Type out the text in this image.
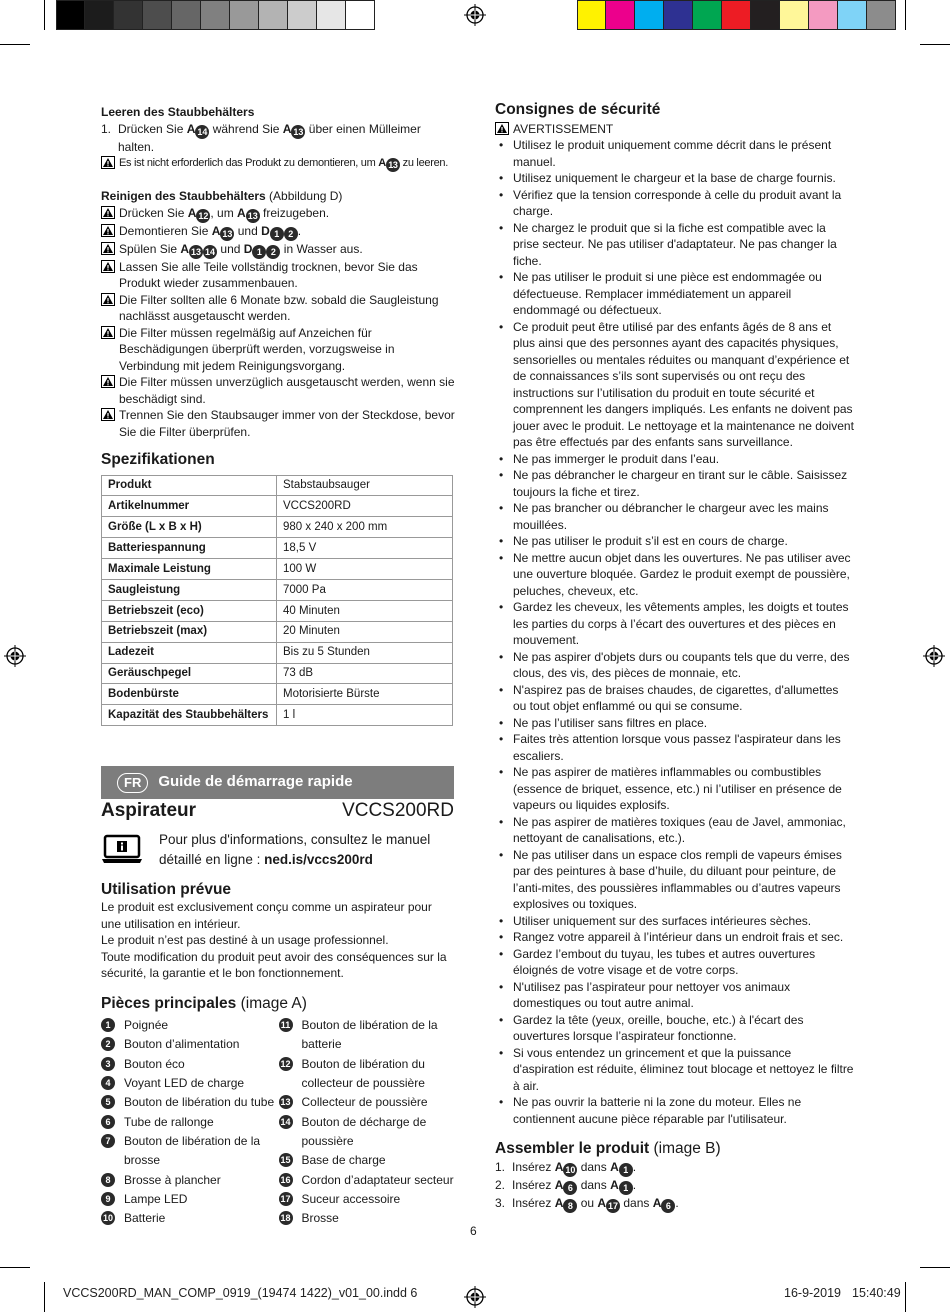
Leeren des Staubbehälters
1. Drücken Sie A 14 während Sie A 13 über einen Mülleimer halten.
Es ist nicht erforderlich das Produkt zu demontieren, um A 13 zu leeren.
Reinigen des Staubbehälters (Abbildung D)
Drücken Sie A 12 , um A 13 freizugeben.
Demontieren Sie A 13 und D 1 2 .
Spülen Sie A 13 14 und D 1 2 in Wasser aus.
Lassen Sie alle Teile vollständig trocknen, bevor Sie das Produkt wieder zusammenbauen.
Die Filter sollten alle 6 Monate bzw. sobald die Saugleistung nachlässt ausgetauscht werden.
Die Filter müssen regelmäßig auf Anzeichen für Beschädigungen überprüft werden, vorzugsweise in Verbindung mit jedem Reinigungsvorgang.
Die Filter müssen unverzüglich ausgetauscht werden, wenn sie beschädigt sind.
Trennen Sie den Staubsauger immer von der Steckdose, bevor Sie die Filter überprüfen.
Spezifikationen
Produkt	Stabstaubsauger
Artikelnummer	VCCS200RD
Größe (L x B x H)	980 x 240 x 200 mm
Batteriespannung	18,5 V
Maximale Leistung	100 W
Saugleistung	7000 Pa
Betriebszeit (eco)	40 Minuten
Betriebszeit (max)	20 Minuten
Ladezeit	Bis zu 5 Stunden
Geräuschpegel	73 dB
Bodenbürste	Motorisierte Bürste
Kapazität des Staubbehälters	1 l
FR	Guide de démarrage rapide
Aspirateur	VCCS200RD
Pour plus d'informations, consultez le manuel
détaillé en ligne : ned.is/vccs200rd
Utilisation prévue
Le produit est exclusivement conçu comme un aspirateur pour une utilisation en intérieur.
Le produit n’est pas destiné à un usage professionnel.
Toute modification du produit peut avoir des conséquences sur la sécurité, la garantie et le bon fonctionnement.
Pièces principales (image A)
1	Poignée
2	Bouton d’alimentation
3	Bouton éco
4	Voyant LED de charge
5	Bouton de libération du tube
6	Tube de rallonge
7	Bouton de libération de la brosse
8	Brosse à plancher
9	Lampe LED
10 Batterie
11 Bouton de libération de la batterie
12 Bouton de libération du collecteur de poussière
13 Collecteur de poussière
14 Bouton de décharge de poussière
15 Base de charge
16 Cordon d’adaptateur secteur
17 Suceur accessoire
18 Brosse
Consignes de sécurité
AVERTISSEMENT
• Utilisez le produit uniquement comme décrit dans le présent manuel.
• Utilisez uniquement le chargeur et la base de charge fournis.
• Vérifiez que la tension corresponde à celle du produit avant la charge.
• Ne chargez le produit que si la fiche est compatible avec la prise secteur. Ne pas utiliser d'adaptateur. Ne pas changer la fiche.
• Ne pas utiliser le produit si une pièce est endommagée ou défectueuse. Remplacer immédiatement un appareil endommagé ou défectueux.
• Ce produit peut être utilisé par des enfants âgés de 8 ans et plus ainsi que des personnes ayant des capacités physiques, sensorielles ou mentales réduites ou manquant d’expérience et de connaissances s’ils sont supervisés ou ont reçu des instructions sur l’utilisation du produit en toute sécurité et comprennent les dangers impliqués. Les enfants ne doivent pas jouer avec le produit. Le nettoyage et la maintenance ne doivent pas être effectués par des enfants sans surveillance.
• Ne pas immerger le produit dans l’eau.
• Ne pas débrancher le chargeur en tirant sur le câble. Saisissez toujours la fiche et tirez.
• Ne pas brancher ou débrancher le chargeur avec les mains mouillées.
• Ne pas utiliser le produit s’il est en cours de charge.
• Ne mettre aucun objet dans les ouvertures. Ne pas utiliser avec une ouverture bloquée. Gardez le produit exempt de poussière, peluches, cheveux, etc.
• Gardez les cheveux, les vêtements amples, les doigts et toutes les parties du corps à l’écart des ouvertures et des pièces en mouvement.
• Ne pas aspirer d'objets durs ou coupants tels que du verre, des clous, des vis, des pièces de monnaie, etc.
• N'aspirez pas de braises chaudes, de cigarettes, d'allumettes ou tout objet enflammé ou qui se consume.
• Ne pas l’utiliser sans filtres en place.
• Faites très attention lorsque vous passez l'aspirateur dans les escaliers.
• Ne pas aspirer de matières inflammables ou combustibles (essence de briquet, essence, etc.) ni l’utiliser en présence de vapeurs ou liquides explosifs.
• Ne pas aspirer de matières toxiques (eau de Javel, ammoniac, nettoyant de canalisations, etc.).
• Ne pas utiliser dans un espace clos rempli de vapeurs émises par des peintures à base d’huile, du diluant pour peinture, de l’anti-mites, des poussières inflammables ou d’autres vapeurs explosives ou toxiques.
• Utiliser uniquement sur des surfaces intérieures sèches.
• Rangez votre appareil à l’intérieur dans un endroit frais et sec.
• Gardez l’embout du tuyau, les tubes et autres ouvertures éloignés de votre visage et de votre corps.
• N'utilisez pas l’aspirateur pour nettoyer vos animaux domestiques ou tout autre animal.
• Gardez la tête (yeux, oreille, bouche, etc.) à l'écart des ouvertures lorsque l’aspirateur fonctionne.
• Si vous entendez un grincement et que la puissance d'aspiration est réduite, éliminez tout blocage et nettoyez le filtre à air.
• Ne pas ouvrir la batterie ni la zone du moteur. Elles ne contiennent aucune pièce réparable par l'utilisateur.
Assembler le produit (image B)
1. Insérez A 10 dans A 1 .
2. Insérez A 6 dans A 1 .
3. Insérez A 8 ou A 17 dans A 6 .
6
VCCS200RD_MAN_COMP_0919_(19474 1422)_v01_00.indd 6	16-9-2019 15:40:49
